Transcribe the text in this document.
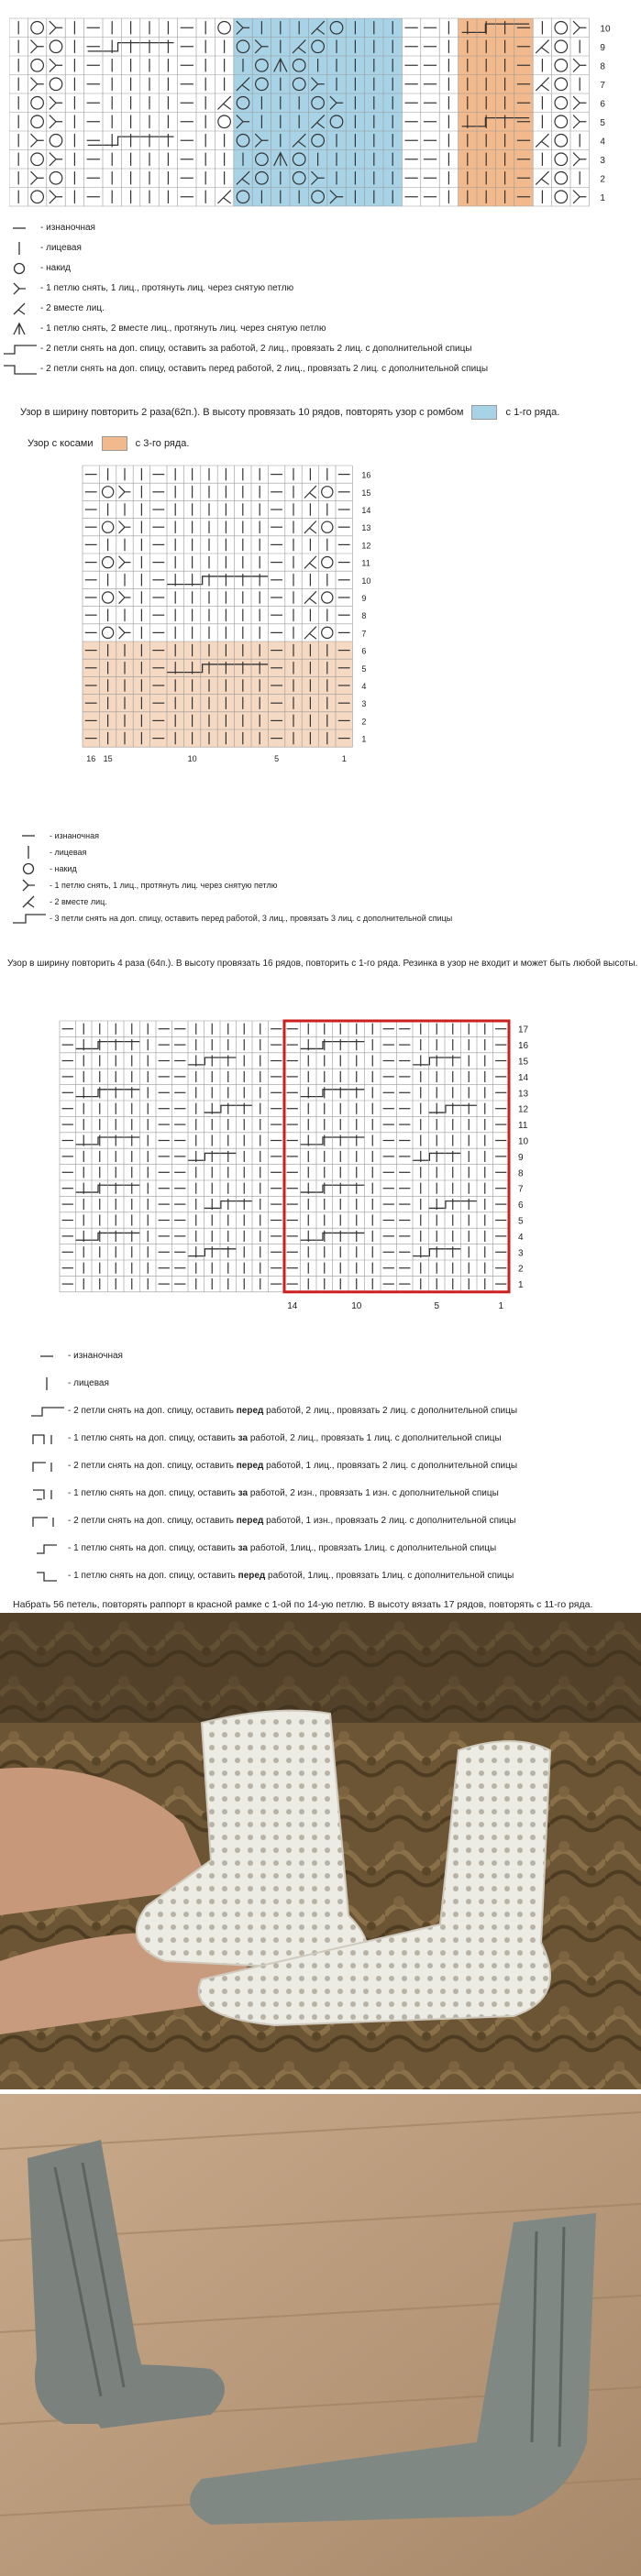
10
9
8
7
6
5
4
3
2
1
- изнаночная
- лицевая
- накид
- 1 петлю снять, 1 лиц., протянуть лиц. через снятую петлю
- 2 вместе лиц.
- 1 петлю снять, 2 вместе лиц., протянуть лиц. через снятую петлю
- 2 петли снять на доп. спицу, оставить за работой, 2 лиц., провязать 2 лиц. с дополнительной спицы
- 2 петли снять на доп. спицу, оставить перед работой, 2 лиц., провязать 2 лиц. с дополнительной спицы
Узор в ширину повторить 2 раза(62п.). В высоту провязать 10 рядов, повторять узор с ромбом	с 1-го ряда.
Узор с косами	с 3-го ряда.
16
15
14
13
12
11
10
9
8
7
6
5
4
3
2
1
16 15	10	5	1
- изнаночная
- лицевая
- накид
- 1 петлю снять, 1 лиц., протянуть лиц. через снятую петлю
- 2 вместе лиц.
- 3 петли снять на доп. спицу, оставить перед работой, 3 лиц., провязать 3 лиц. с дополнительной спицы
Узор в ширину повторить 4 раза (64п.). В высоту провязать 16 рядов, повторить с 1-го ряда. Резинка в узор не входит и может быть любой высоты.
17
16
15
14
13
12
11
10
9
8
7
6
5
4
3
2
1
14	10	5	1
- изнаночная
- лицевая
- 2 петли снять на доп. спицу, оставить перед работой, 2 лиц., провязать 2 лиц. с дополнительной спицы
- 1 петлю снять на доп. спицу, оставить за работой, 2 лиц., провязать 1 лиц. с дополнительной спицы
- 2 петли снять на доп. спицу, оставить перед работой, 1 лиц., провязать 2 лиц. с дополнительной спицы
- 1 петлю снять на доп. спицу, оставить за работой, 2 изн., провязать 1 изн. с дополнительной спицы
- 2 петли снять на доп. спицу, оставить перед работой, 1 изн., провязать 2 лиц. с дополнительной спицы
- 1 петлю снять на доп. спицу, оставить за работой, 1лиц., провязать 1лиц. с дополнительной спицы
- 1 петлю снять на доп. спицу, оставить перед работой, 1лиц., провязать 1лиц. с дополнительной спицы
Набрать 56 петель, повторять раппорт в красной рамке с 1-ой по 14-ую петлю. В высоту вязать 17 рядов, повторять с 11-го ряда.
